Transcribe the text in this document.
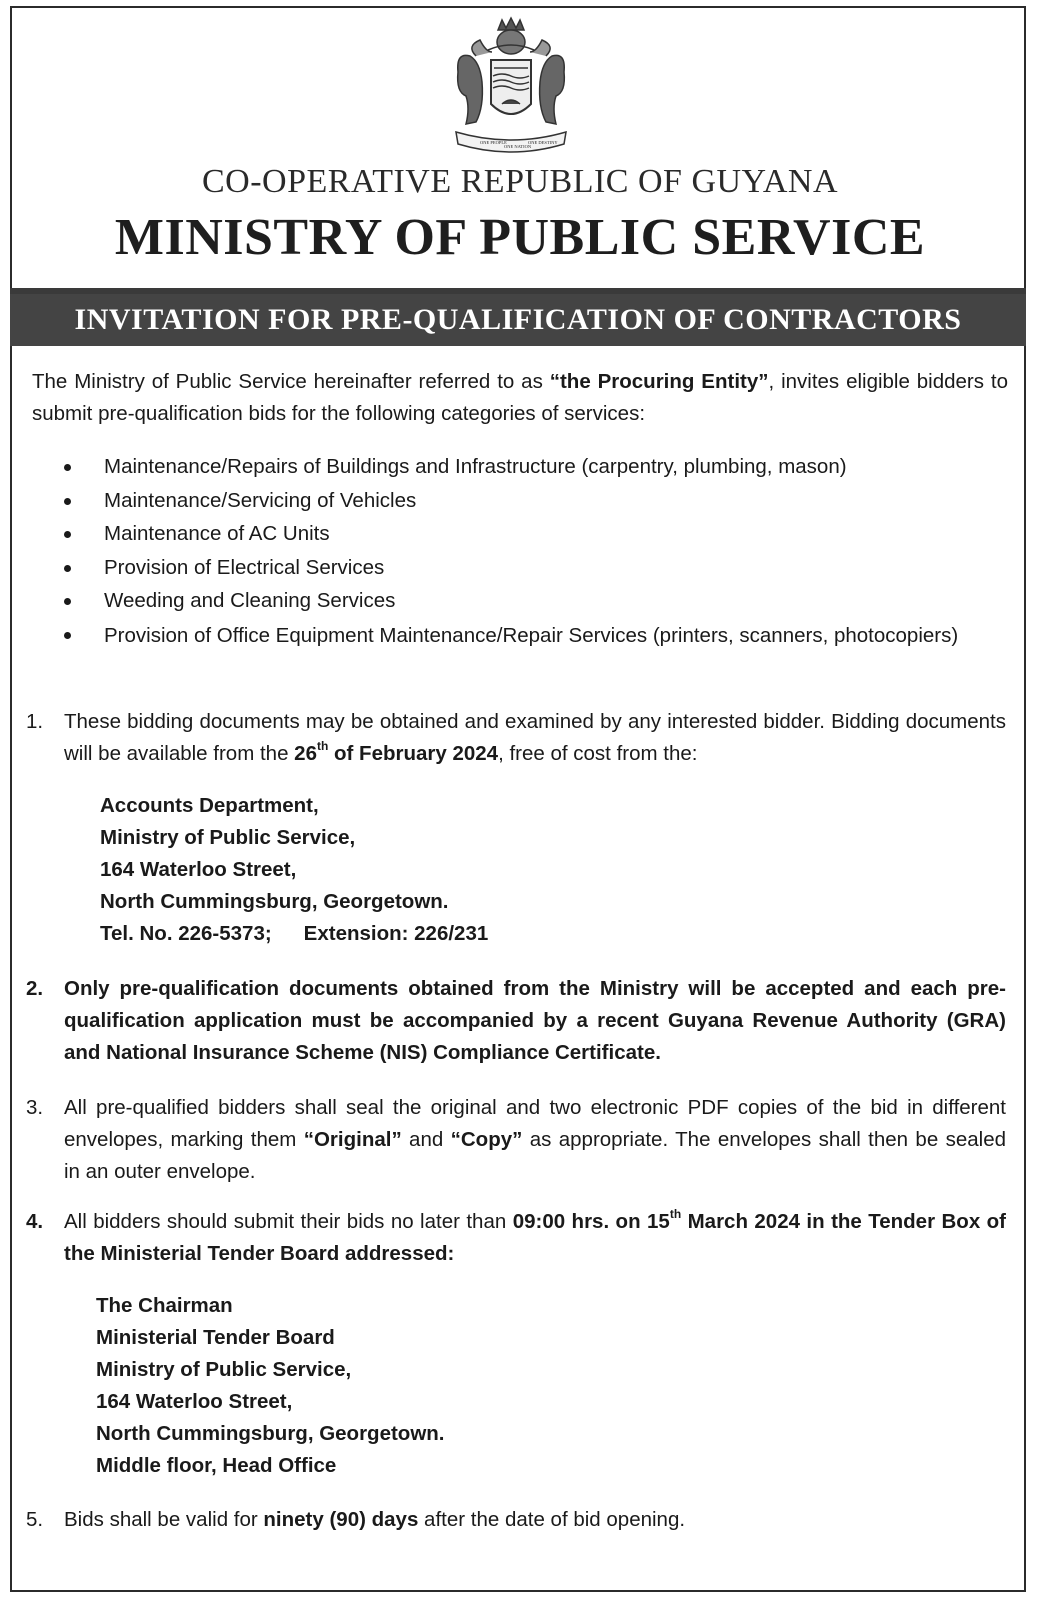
ONE PEOPLE
ONE NATION
ONE DESTINY
CO-OPERATIVE REPUBLIC OF GUYANA
MINISTRY OF PUBLIC SERVICE
INVITATION FOR PRE-QUALIFICATION OF CONTRACTORS
The Ministry of Public Service hereinafter referred to as “the Procuring Entity”, invites eligible bidders to submit pre-qualification bids for the following categories of services:
Maintenance/Repairs of Buildings and Infrastructure (carpentry, plumbing, mason)
Maintenance/Servicing of Vehicles
Maintenance of AC Units
Provision of Electrical Services
Weeding and Cleaning Services
Provision of Office Equipment Maintenance/Repair Services (printers, scanners, photocopiers)
1. These bidding documents may be obtained and examined by any interested bidder. Bidding documents will be available from the 26th of February 2024, free of cost from the:
Accounts Department,
Ministry of Public Service,
164 Waterloo Street,
North Cummingsburg, Georgetown.
Tel. No. 226-5373; Extension: 226/231
2. Only pre-qualification documents obtained from the Ministry will be accepted and each pre-qualification application must be accompanied by a recent Guyana Revenue Authority (GRA) and National Insurance Scheme (NIS) Compliance Certificate.
3. All pre-qualified bidders shall seal the original and two electronic PDF copies of the bid in different envelopes, marking them “Original” and “Copy” as appropriate. The envelopes shall then be sealed in an outer envelope.
4. All bidders should submit their bids no later than 09:00 hrs. on 15th March 2024 in the Tender Box of the Ministerial Tender Board addressed:
The Chairman
Ministerial Tender Board
Ministry of Public Service,
164 Waterloo Street,
North Cummingsburg, Georgetown.
Middle floor, Head Office
5. Bids shall be valid for ninety (90) days after the date of bid opening.
